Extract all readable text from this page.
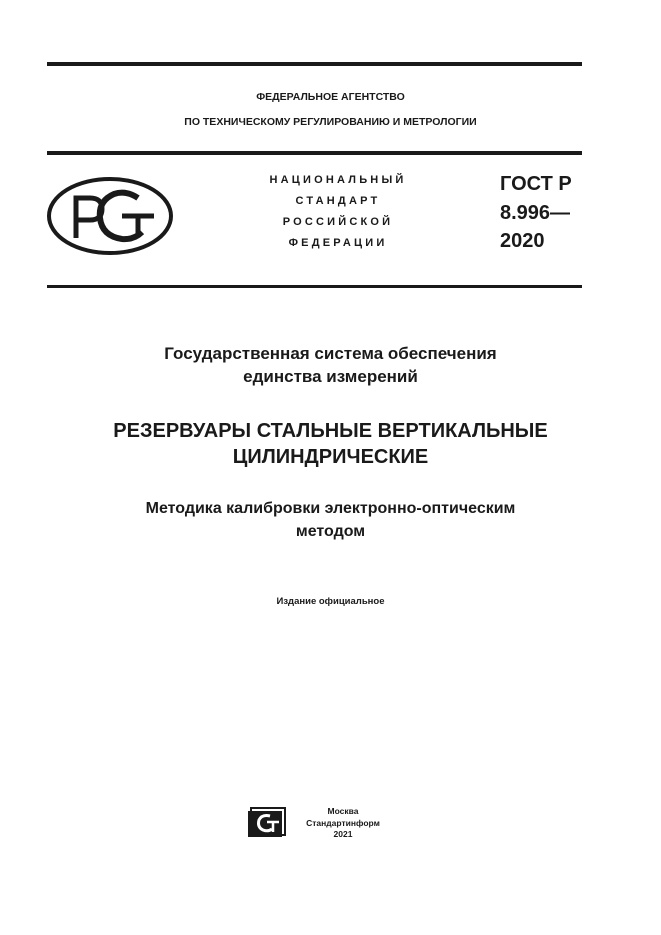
ФЕДЕРАЛЬНОЕ АГЕНТСТВО
ПО ТЕХНИЧЕСКОМУ РЕГУЛИРОВАНИЮ И МЕТРОЛОГИИ
НАЦИОНАЛЬНЫЙ
СТАНДАРТ
РОССИЙСКОЙ
ФЕДЕРАЦИИ
ГОСТ Р
8.996—
2020
Государственная система обеспечения
единства измерений
РЕЗЕРВУАРЫ СТАЛЬНЫЕ ВЕРТИКАЛЬНЫЕ
ЦИЛИНДРИЧЕСКИЕ
Методика калибровки электронно-оптическим
методом
Издание официальное
Москва
Стандартинформ
2021
